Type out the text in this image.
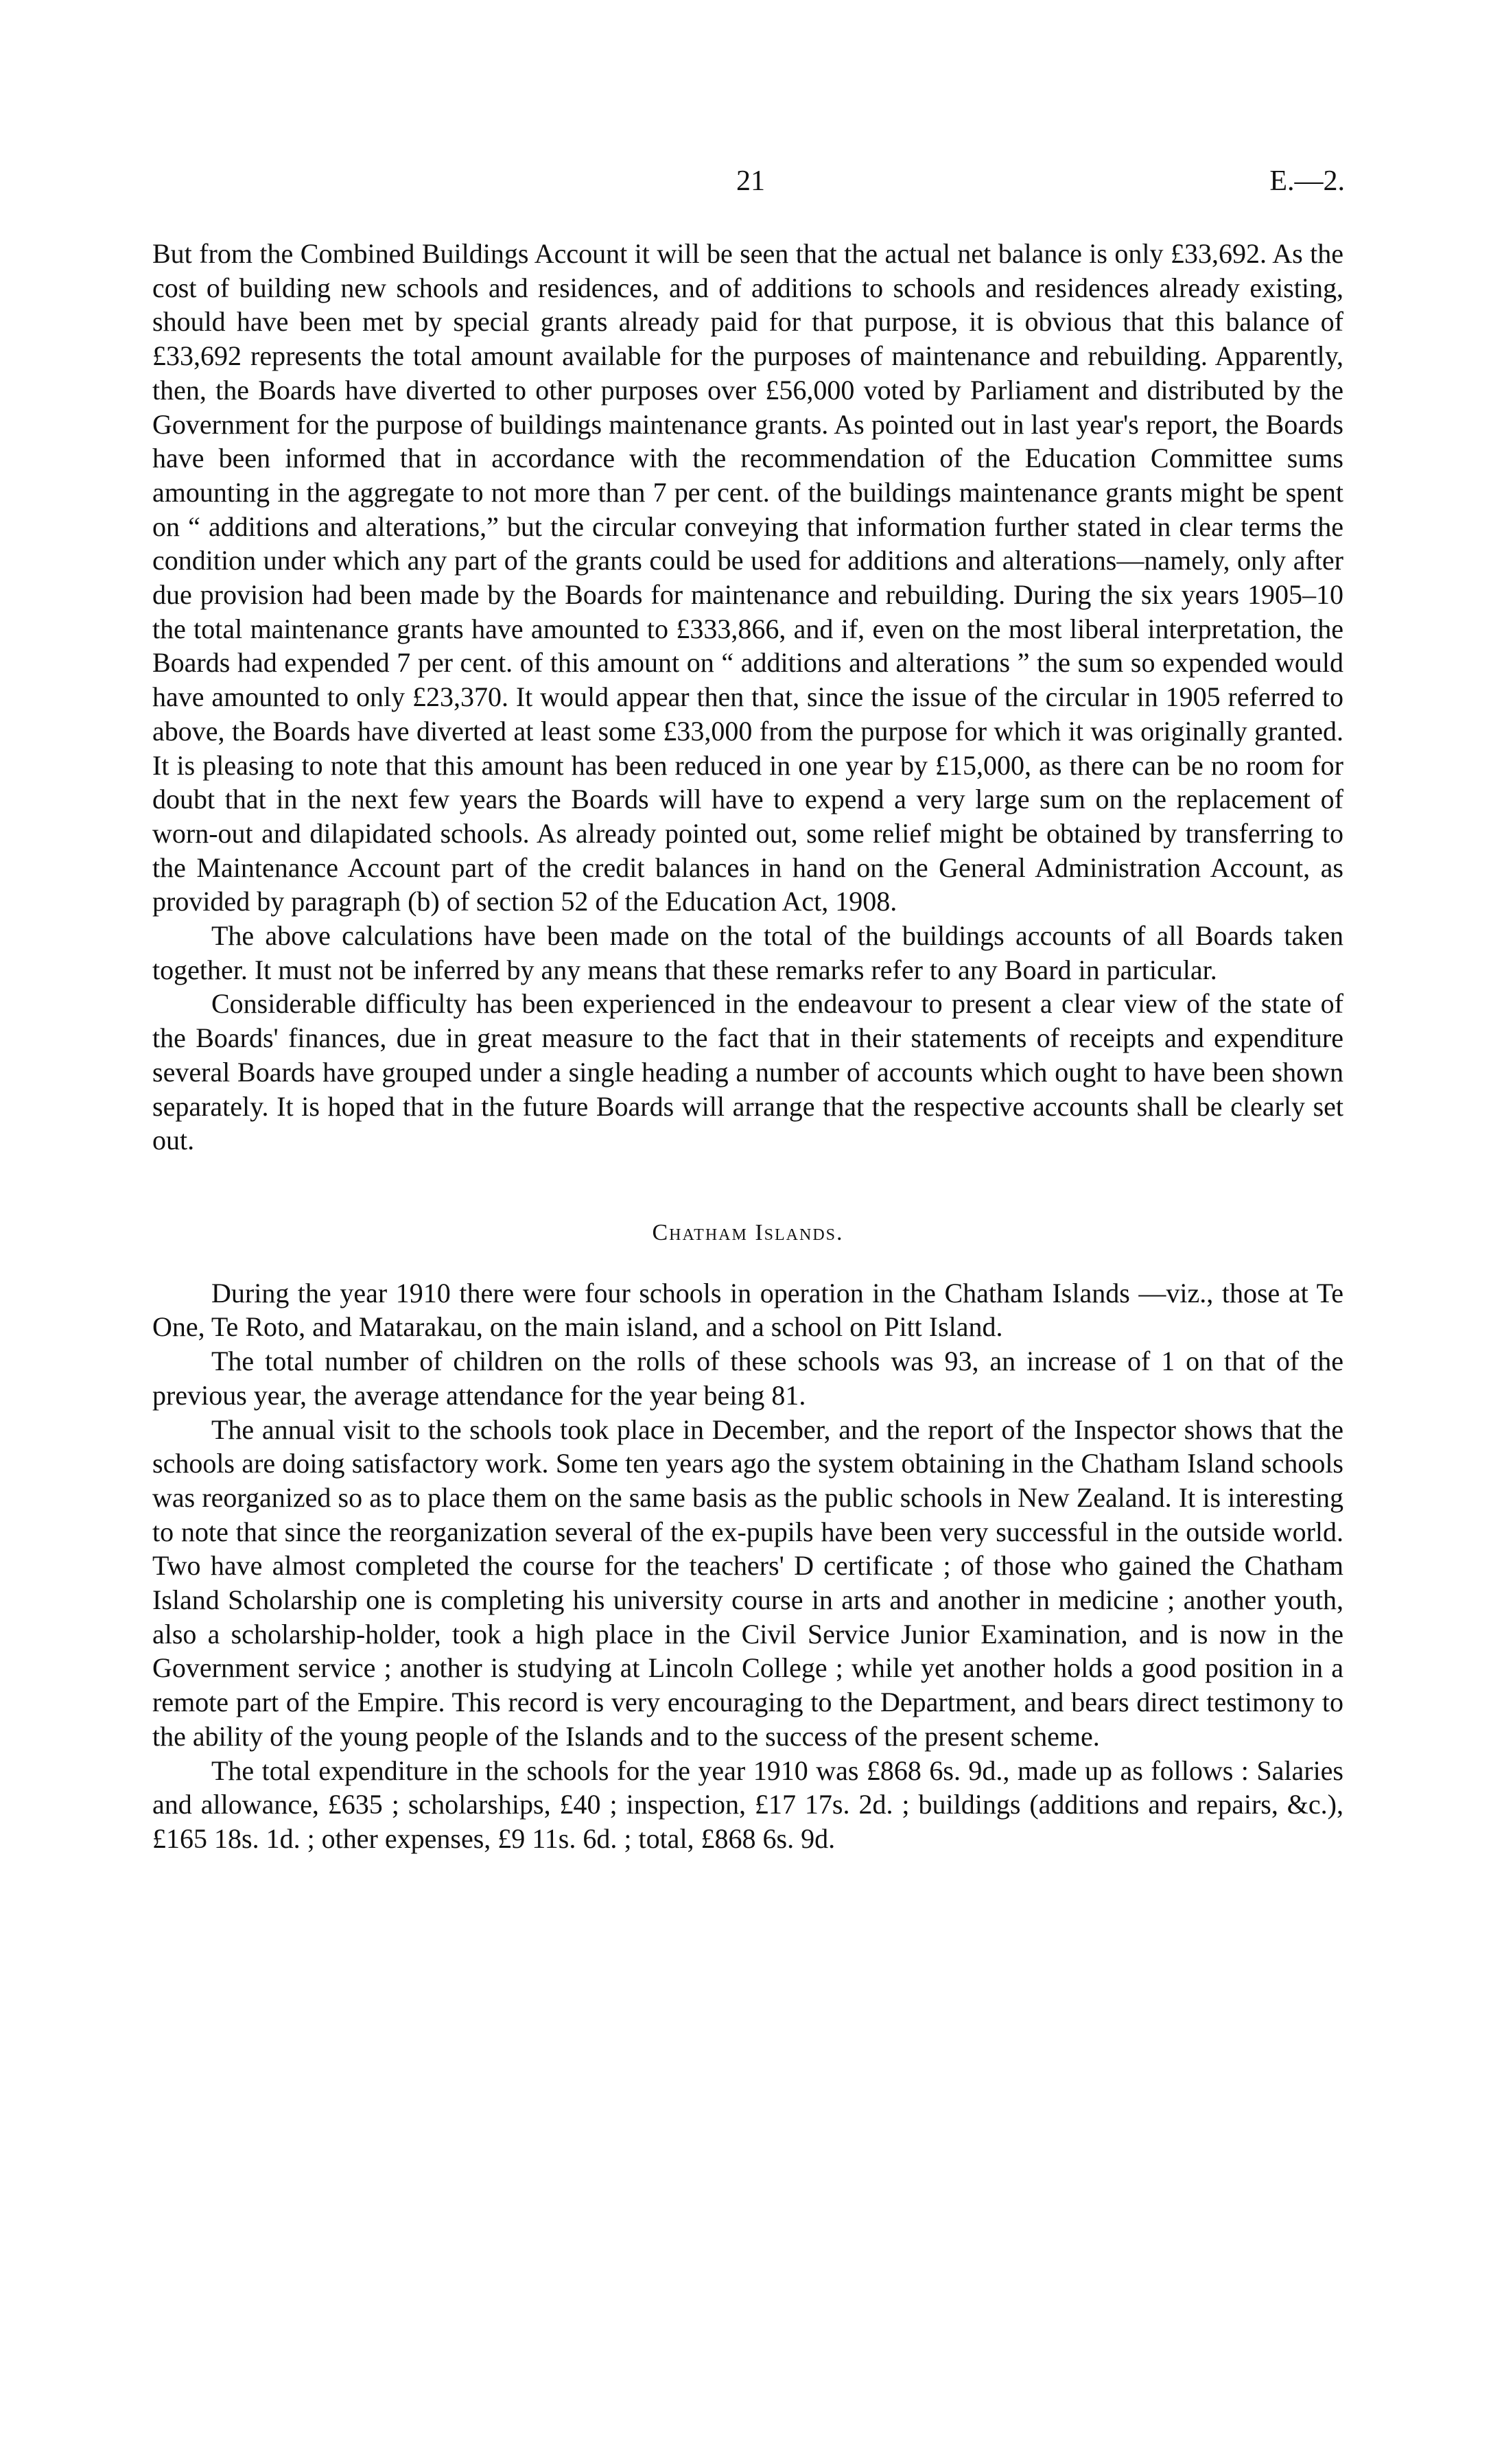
21	E.—2.

But from the Combined Buildings Account it will be seen that the actual net balance is only £33,692. As the cost of building new schools and residences, and of additions to schools and residences already existing, should have been met by special grants already paid for that purpose, it is obvious that this balance of £33,692 represents the total amount available for the purposes of maintenance and rebuilding. Apparently, then, the Boards have diverted to other purposes over £56,000 voted by Parliament and distributed by the Government for the purpose of buildings maintenance grants. As pointed out in last year's report, the Boards have been informed that in accordance with the recommendation of the Education Committee sums amounting in the aggregate to not more than 7 per cent. of the buildings maintenance grants might be spent on “ additions and alterations,” but the circular conveying that information further stated in clear terms the condition under which any part of the grants could be used for additions and alterations—namely, only after due provision had been made by the Boards for maintenance and rebuilding. During the six years 1905–10 the total maintenance grants have amounted to £333,866, and if, even on the most liberal interpretation, the Boards had expended 7 per cent. of this amount on “ additions and alterations ” the sum so expended would have amounted to only £23,370. It would appear then that, since the issue of the circular in 1905 referred to above, the Boards have diverted at least some £33,000 from the purpose for which it was originally granted. It is pleasing to note that this amount has been reduced in one year by £15,000, as there can be no room for doubt that in the next few years the Boards will have to expend a very large sum on the replacement of worn-out and dilapidated schools. As already pointed out, some relief might be obtained by transferring to the Maintenance Account part of the credit balances in hand on the General Administration Account, as provided by paragraph (b) of section 52 of the Education Act, 1908.

The above calculations have been made on the total of the buildings accounts of all Boards taken together. It must not be inferred by any means that these remarks refer to any Board in particular.

Considerable difficulty has been experienced in the endeavour to present a clear view of the state of the Boards' finances, due in great measure to the fact that in their statements of receipts and expenditure several Boards have grouped under a single heading a number of accounts which ought to have been shown separately. It is hoped that in the future Boards will arrange that the respective accounts shall be clearly set out.

Chatham Islands.

During the year 1910 there were four schools in operation in the Chatham Islands —viz., those at Te One, Te Roto, and Matarakau, on the main island, and a school on Pitt Island.

The total number of children on the rolls of these schools was 93, an increase of 1 on that of the previous year, the average attendance for the year being 81.

The annual visit to the schools took place in December, and the report of the Inspector shows that the schools are doing satisfactory work. Some ten years ago the system obtaining in the Chatham Island schools was reorganized so as to place them on the same basis as the public schools in New Zealand. It is interesting to note that since the reorganization several of the ex-pupils have been very successful in the outside world. Two have almost completed the course for the teachers' D certificate ; of those who gained the Chatham Island Scholarship one is completing his university course in arts and another in medicine ; another youth, also a scholarship-holder, took a high place in the Civil Service Junior Examination, and is now in the Government service ; another is studying at Lincoln College ; while yet another holds a good position in a remote part of the Empire. This record is very encouraging to the Department, and bears direct testimony to the ability of the young people of the Islands and to the success of the present scheme.

The total expenditure in the schools for the year 1910 was £868 6s. 9d., made up as follows : Salaries and allowance, £635 ; scholarships, £40 ; inspection, £17 17s. 2d. ; buildings (additions and repairs, &c.), £165 18s. 1d. ; other expenses, £9 11s. 6d. ; total, £868 6s. 9d.
